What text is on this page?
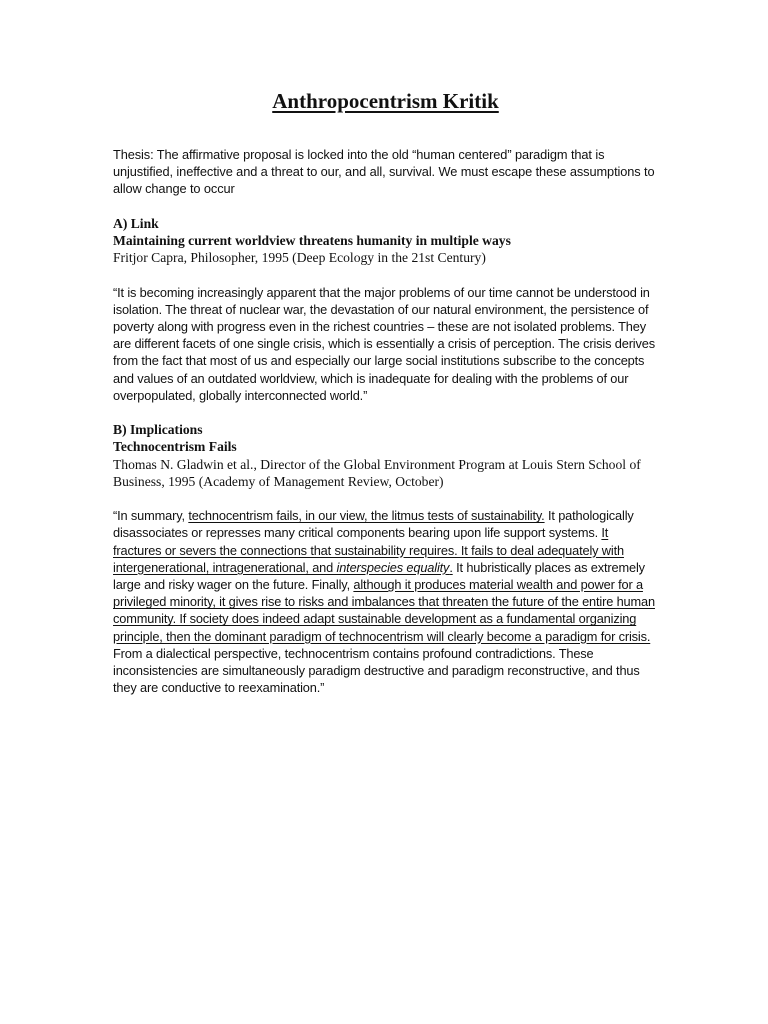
Anthropocentrism Kritik

Thesis: The affirmative proposal is locked into the old “human centered” paradigm that is unjustified, ineffective and a threat to our, and all, survival. We must escape these assumptions to allow change to occur

A) Link

Maintaining current worldview threatens humanity in multiple ways

Fritjor Capra, Philosopher, 1995 (Deep Ecology in the 21st Century)

“It is becoming increasingly apparent that the major problems of our time cannot be understood in isolation. The threat of nuclear war, the devastation of our natural environment, the persistence of poverty along with progress even in the richest countries – these are not isolated problems. They are different facets of one single crisis, which is essentially a crisis of perception. The crisis derives from the fact that most of us and especially our large social institutions subscribe to the concepts and values of an outdated worldview, which is inadequate for dealing with the problems of our overpopulated, globally interconnected world.”

B) Implications

Technocentrism Fails

Thomas N. Gladwin et al., Director of the Global Environment Program at Louis Stern School of Business, 1995 (Academy of Management Review, October)

“In summary, technocentrism fails, in our view, the litmus tests of sustainability. It pathologically disassociates or represses many critical components bearing upon life support systems. It fractures or severs the connections that sustainability requires. It fails to deal adequately with intergenerational, intragenerational, and interspecies equality. It hubristically places as extremely large and risky wager on the future. Finally, although it produces material wealth and power for a privileged minority, it gives rise to risks and imbalances that threaten the future of the entire human community. If society does indeed adapt sustainable development as a fundamental organizing principle, then the dominant paradigm of technocentrism will clearly become a paradigm for crisis. From a dialectical perspective, technocentrism contains profound contradictions. These inconsistencies are simultaneously paradigm destructive and paradigm reconstructive, and thus they are conductive to reexamination.”
